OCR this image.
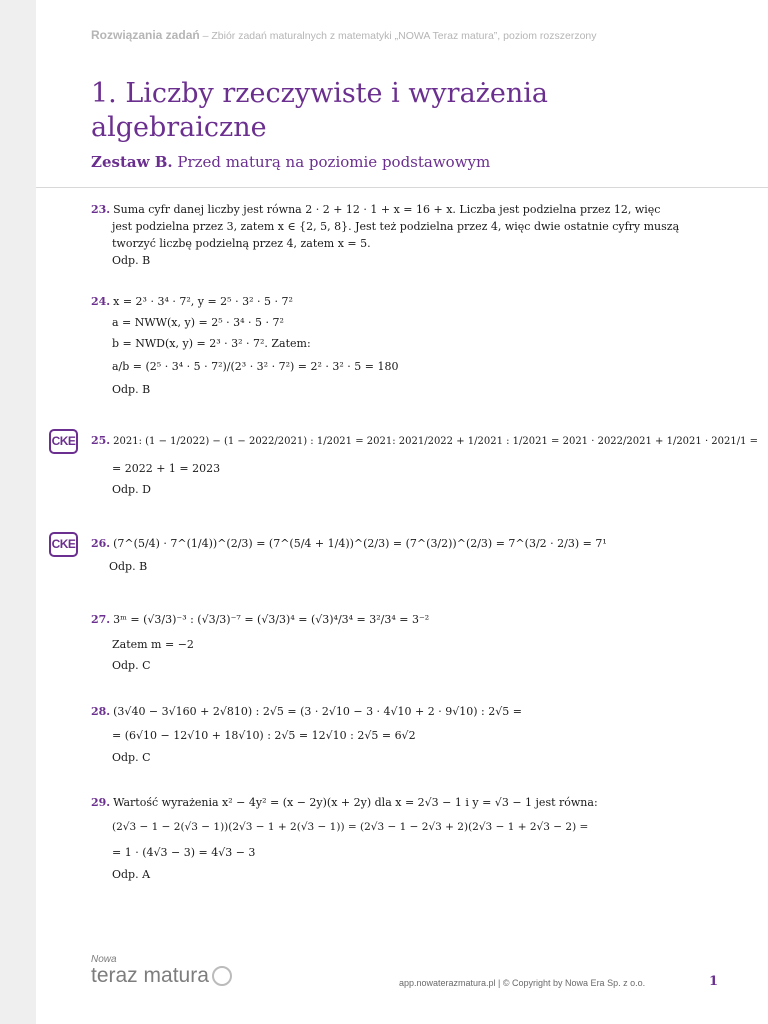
Rozwiązania zadań – Zbiór zadań maturalnych z matematyki „NOWA Teraz matura”, poziom rozszerzony
1. Liczby rzeczywiste i wyrażenia algebraiczne
Zestaw B. Przed maturą na poziomie podstawowym
23. Suma cyfr danej liczby jest równa 2 · 2 + 12 · 1 + x = 16 + x. Liczba jest podzielna przez 12, więc
jest podzielna przez 3, zatem x ∈ {2, 5, 8}. Jest też podzielna przez 4, więc dwie ostatnie cyfry muszą
tworzyć liczbę podzielną przez 4, zatem x = 5.
Odp. B
24. x = 2³ · 3⁴ · 7², y = 2⁵ · 3² · 5 · 7²
a = NWW(x, y) = 2⁵ · 3⁴ · 5 · 7²
b = NWD(x, y) = 2³ · 3² · 7². Zatem:
a/b = (2⁵ · 3⁴ · 5 · 7²)/(2³ · 3² · 7²) = 2² · 3² · 5 = 180
Odp. B
CKE 25. 2021: (1 − 1/2022) − (1 − 2022/2021) : 1/2021 = 2021: 2021/2022 + 1/2021 : 1/2021 = 2021 · 2022/2021 + 1/2021 · 2021/1 =
= 2022 + 1 = 2023
Odp. D
CKE 26. (7^(5/4) · 7^(1/4))^(2/3) = (7^(5/4 + 1/4))^(2/3) = (7^(3/2))^(2/3) = 7^(3/2 · 2/3) = 7¹
Odp. B
27. 3ᵐ = (√3/3)⁻³ : (√3/3)⁻⁷ = (√3/3)⁴ = (√3)⁴/3⁴ = 3²/3⁴ = 3⁻²
Zatem m = −2
Odp. C
28. (3√40 − 3√160 + 2√810) : 2√5 = (3 · 2√10 − 3 · 4√10 + 2 · 9√10) : 2√5 =
= (6√10 − 12√10 + 18√10) : 2√5 = 12√10 : 2√5 = 6√2
Odp. C
29. Wartość wyrażenia x² − 4y² = (x − 2y)(x + 2y) dla x = 2√3 − 1 i y = √3 − 1 jest równa:
(2√3 − 1 − 2(√3 − 1))(2√3 − 1 + 2(√3 − 1)) = (2√3 − 1 − 2√3 + 2)(2√3 − 1 + 2√3 − 2) =
= 1 · (4√3 − 3) = 4√3 − 3
Odp. A
Nowa
teraz matura	app.nowaterazmatura.pl | © Copyright by Nowa Era Sp. z o.o.	1
